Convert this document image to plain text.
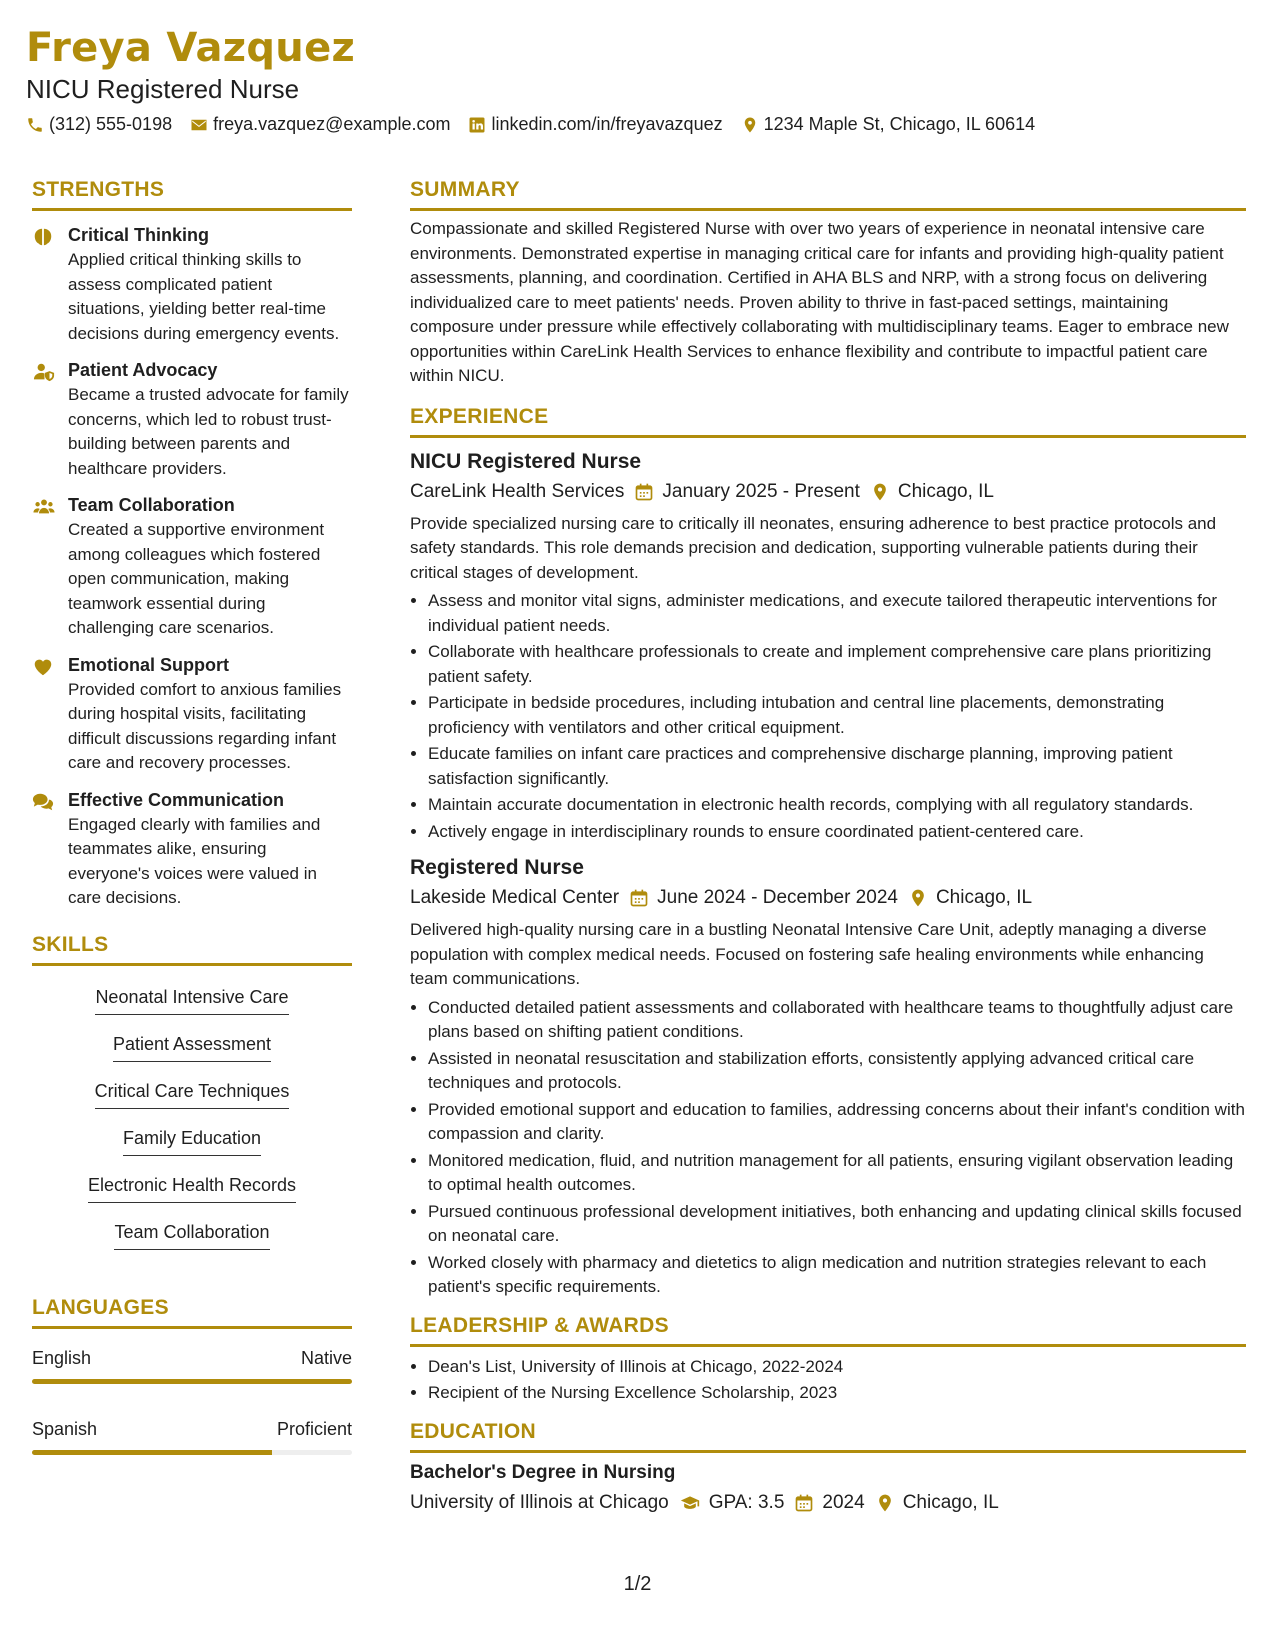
Freya Vazquez
NICU Registered Nurse
(312) 555-0198 freya.vazquez@example.com linkedin.com/in/freyavazquez 1234 Maple St, Chicago, IL 60614
STRENGTHS
Critical Thinking
Applied critical thinking skills to assess complicated patient situations, yielding better real-time decisions during emergency events.
Patient Advocacy
Became a trusted advocate for family concerns, which led to robust trust-building between parents and healthcare providers.
Team Collaboration
Created a supportive environment among colleagues which fostered open communication, making teamwork essential during challenging care scenarios.
Emotional Support
Provided comfort to anxious families during hospital visits, facilitating difficult discussions regarding infant care and recovery processes.
Effective Communication
Engaged clearly with families and teammates alike, ensuring everyone's voices were valued in care decisions.
SKILLS
Neonatal Intensive Care
Patient Assessment
Critical Care Techniques
Family Education
Electronic Health Records
Team Collaboration
LANGUAGES
English	Native
Spanish	Proficient
SUMMARY

Compassionate and skilled Registered Nurse with over two years of experience in neonatal intensive care environments. Demonstrated expertise in managing critical care for infants and providing high-quality patient assessments, planning, and coordination. Certified in AHA BLS and NRP, with a strong focus on delivering individualized care to meet patients' needs. Proven ability to thrive in fast-paced settings, maintaining composure under pressure while effectively collaborating with multidisciplinary teams. Eager to embrace new opportunities within CareLink Health Services to enhance flexibility and contribute to impactful patient care within NICU.

EXPERIENCE
NICU Registered Nurse
CareLink Health Services January 2025 - Present Chicago, IL

Provide specialized nursing care to critically ill neonates, ensuring adherence to best practice protocols and safety standards. This role demands precision and dedication, supporting vulnerable patients during their critical stages of development.

• Assess and monitor vital signs, administer medications, and execute tailored therapeutic interventions for individual patient needs.
• Collaborate with healthcare professionals to create and implement comprehensive care plans prioritizing patient safety.
• Participate in bedside procedures, including intubation and central line placements, demonstrating proficiency with ventilators and other critical equipment.
• Educate families on infant care practices and comprehensive discharge planning, improving patient satisfaction significantly.
• Maintain accurate documentation in electronic health records, complying with all regulatory standards.
• Actively engage in interdisciplinary rounds to ensure coordinated patient-centered care.
Registered Nurse
Lakeside Medical Center June 2024 - December 2024 Chicago, IL

Delivered high-quality nursing care in a bustling Neonatal Intensive Care Unit, adeptly managing a diverse population with complex medical needs. Focused on fostering safe healing environments while enhancing team communications.

• Conducted detailed patient assessments and collaborated with healthcare teams to thoughtfully adjust care plans based on shifting patient conditions.
• Assisted in neonatal resuscitation and stabilization efforts, consistently applying advanced critical care techniques and protocols.
• Provided emotional support and education to families, addressing concerns about their infant's condition with compassion and clarity.
• Monitored medication, fluid, and nutrition management for all patients, ensuring vigilant observation leading to optimal health outcomes.
• Pursued continuous professional development initiatives, both enhancing and updating clinical skills focused on neonatal care.
• Worked closely with pharmacy and dietetics to align medication and nutrition strategies relevant to each patient's specific requirements.
LEADERSHIP & AWARDS
• Dean's List, University of Illinois at Chicago, 2022-2024
• Recipient of the Nursing Excellence Scholarship, 2023
EDUCATION
Bachelor's Degree in Nursing
University of Illinois at Chicago GPA: 3.5 2024 Chicago, IL
1/2
